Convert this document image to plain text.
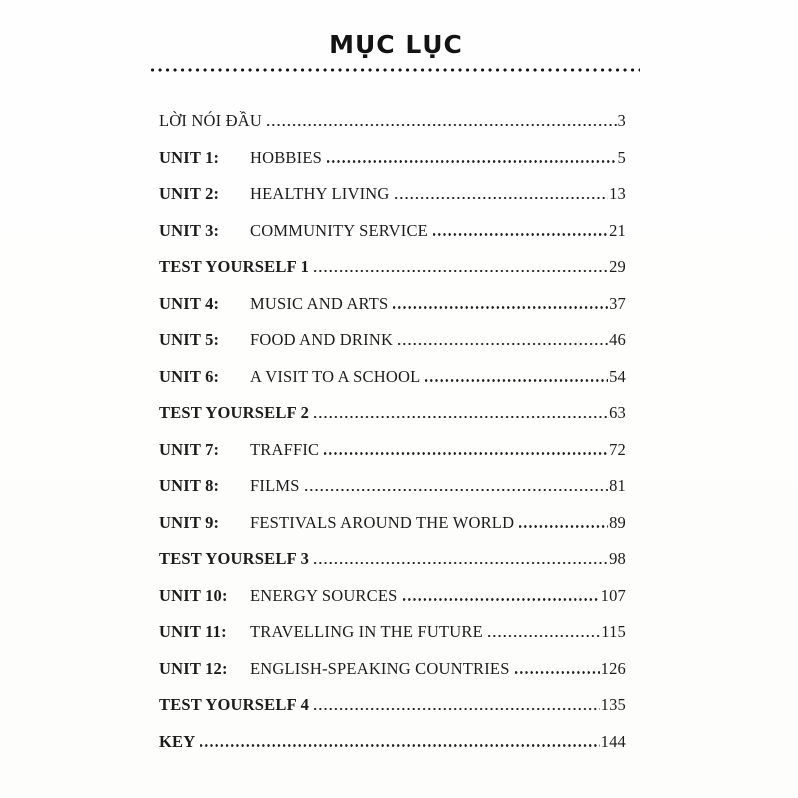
MỤC LỤC
LỜI NÓI ĐẦU	3
UNIT 1:	HOBBIES	5
UNIT 2:	HEALTHY LIVING	13
UNIT 3:	COMMUNITY SERVICE	21
TEST YOURSELF 1	29
UNIT 4:	MUSIC AND ARTS	37
UNIT 5:	FOOD AND DRINK	46
UNIT 6:	A VISIT TO A SCHOOL	54
TEST YOURSELF 2	63
UNIT 7:	TRAFFIC	72
UNIT 8:	FILMS	81
UNIT 9:	FESTIVALS AROUND THE WORLD	89
TEST YOURSELF 3	98
UNIT 10:	ENERGY SOURCES	107
UNIT 11:	TRAVELLING IN THE FUTURE	115
UNIT 12:	ENGLISH-SPEAKING COUNTRIES	126
TEST YOURSELF 4	135
KEY	144
